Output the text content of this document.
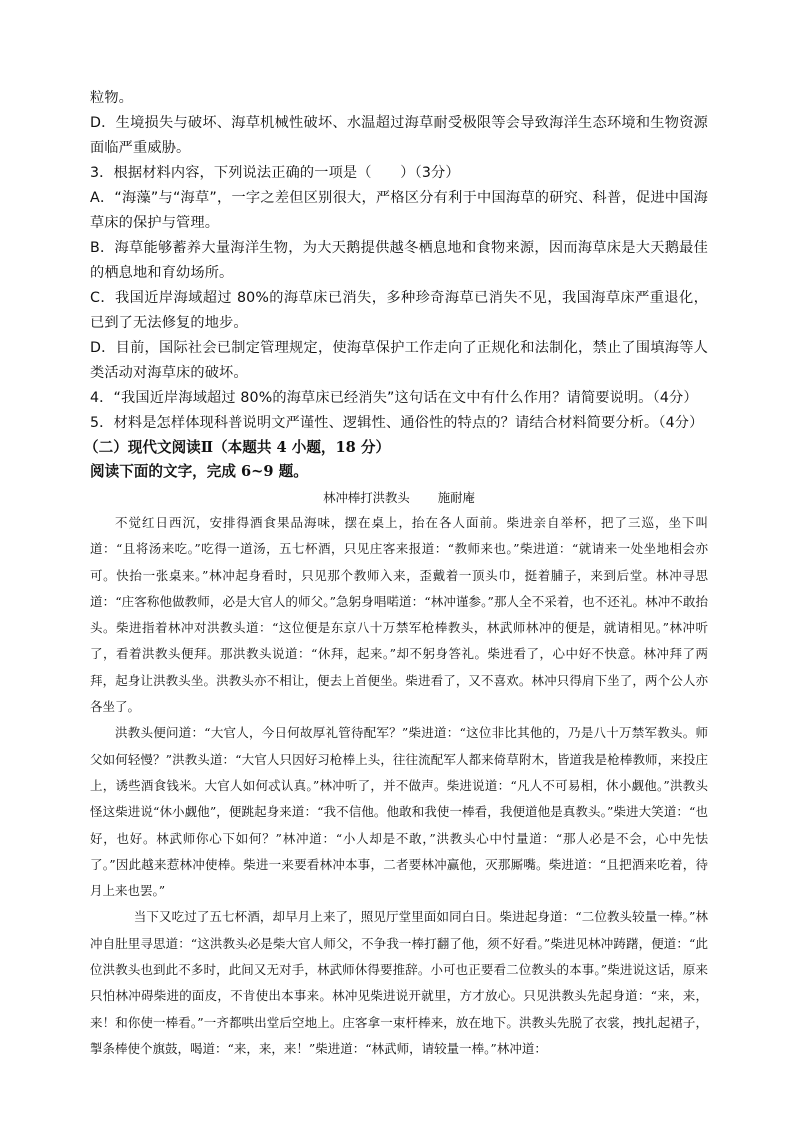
粒物。

D．生境损失与破坏、海草机械性破坏、水温超过海草耐受极限等会导致海洋生态环境和生物资源面临严重威胁。

3．根据材料内容，下列说法正确的一项是（　　）（3分）

A．“海藻”与“海草”，一字之差但区别很大，严格区分有利于中国海草的研究、科普，促进中国海草床的保护与管理。

B．海草能够蓄养大量海洋生物，为大天鹅提供越冬栖息地和食物来源，因而海草床是大天鹅最佳的栖息地和育幼场所。

C．我国近岸海域超过 80%的海草床已消失，多种珍奇海草已消失不见，我国海草床严重退化，已到了无法修复的地步。

D．目前，国际社会已制定管理规定，使海草保护工作走向了正规化和法制化，禁止了围填海等人类活动对海草床的破坏。

4．“我国近岸海域超过 80%的海草床已经消失”这句话在文中有什么作用？请简要说明。（4分）

5．材料是怎样体现科普说明文严谨性、逻辑性、通俗性的特点的？请结合材料简要分析。（4分）

（二）现代文阅读Ⅱ（本题共 4 小题，18 分）

阅读下面的文字，完成 6~9 题。

林冲棒打洪教头 施耐庵

不觉红日西沉，安排得酒食果品海味，摆在桌上，抬在各人面前。柴进亲自举杯，把了三巡，坐下叫道：“且将汤来吃。”吃得一道汤，五七杯酒，只见庄客来报道：“教师来也。”柴进道：“就请来一处坐地相会亦可。快抬一张桌来。”林冲起身看时，只见那个教师入来，歪戴着一顶头巾，挺着脯子，来到后堂。林冲寻思道：“庄客称他做教师，必是大官人的师父。”急躬身唱喏道：“林冲谨参。”那人全不采着，也不还礼。林冲不敢抬头。柴进指着林冲对洪教头道：“这位便是东京八十万禁军枪棒教头，林武师林冲的便是，就请相见。”林冲听了，看着洪教头便拜。那洪教头说道：“休拜，起来。”却不躬身答礼。柴进看了，心中好不快意。林冲拜了两拜，起身让洪教头坐。洪教头亦不相让，便去上首便坐。柴进看了，又不喜欢。林冲只得肩下坐了，两个公人亦各坐了。

洪教头便问道：“大官人，今日何故厚礼管待配军？”柴进道：“这位非比其他的，乃是八十万禁军教头。师父如何轻慢？”洪教头道：“大官人只因好习枪棒上头，往往流配军人都来倚草附木，皆道我是枪棒教师，来投庄上，诱些酒食钱米。大官人如何忒认真。”林冲听了，并不做声。柴进说道：“凡人不可易相，休小觑他。”洪教头怪这柴进说“休小觑他”，便跳起身来道：“我不信他。他敢和我使一棒看，我便道他是真教头。”柴进大笑道：“也好，也好。林武师你心下如何？”林冲道：“小人却是不敢，”洪教头心中忖量道：“那人必是不会，心中先怯了。”因此越来惹林冲使棒。柴进一来要看林冲本事，二者要林冲赢他，灭那厮嘴。柴进道：“且把酒来吃着，待月上来也罢。”

当下又吃过了五七杯酒，却早月上来了，照见厅堂里面如同白日。柴进起身道：“二位教头较量一棒。”林冲自肚里寻思道：“这洪教头必是柴大官人师父，不争我一棒打翻了他，须不好看。”柴进见林冲踌躇，便道：“此位洪教头也到此不多时，此间又无对手，林武师休得要推辞。小可也正要看二位教头的本事。”柴进说这话，原来只怕林冲碍柴进的面皮，不肯使出本事来。林冲见柴进说开就里，方才放心。只见洪教头先起身道：“来，来，来！和你使一棒看。”一齐都哄出堂后空地上。庄客拿一束杆棒来，放在地下。洪教头先脱了衣裳，拽扎起裙子，掣条棒使个旗鼓，喝道：“来，来，来！”柴进道：“林武师，请较量一棒。”林冲道：
